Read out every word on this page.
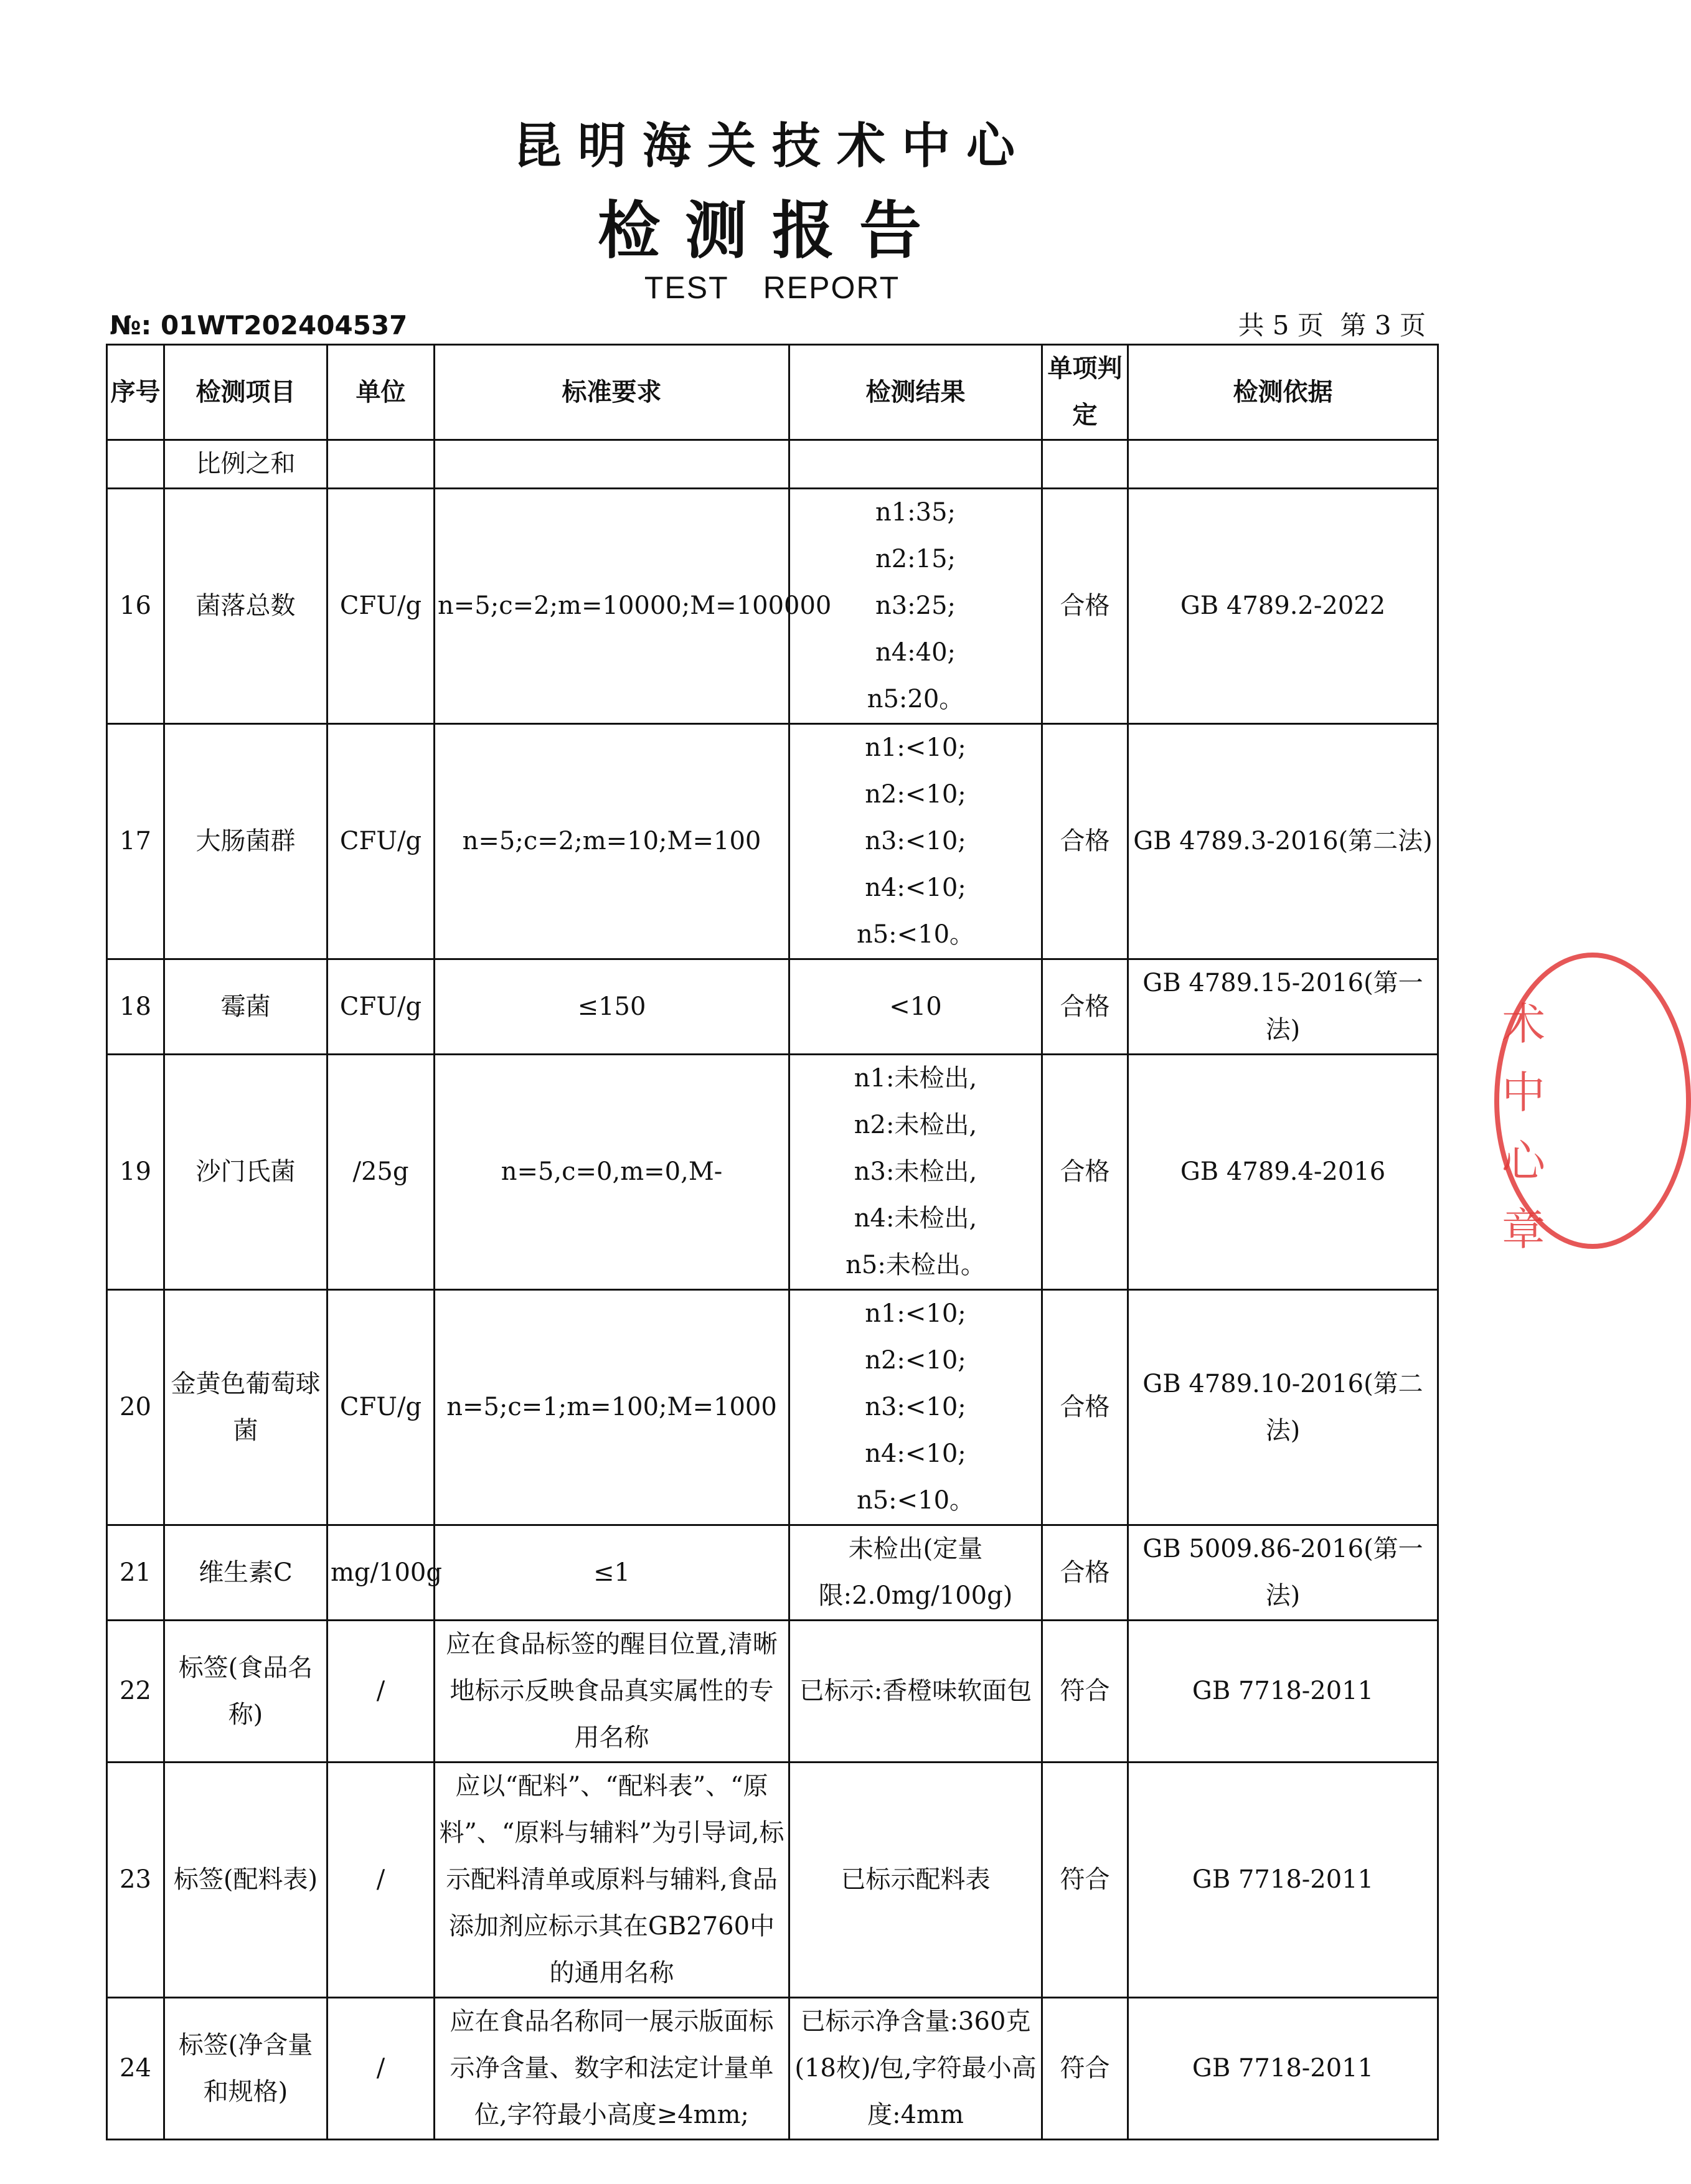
昆明海关技术中心
检测报告
TEST REPORT
№: 01WT202404537	共 5 页  第 3 页
序号	检测项目	单位	标准要求	检测结果	单项判定	检测依据
	比例之和					
16	菌落总数	CFU/g	n=5;c=2;m=10000;M=100000	n1:35;
n2:15;
n3:25;
n4:40;
n5:20。	合格	GB 4789.2-2022
17	大肠菌群	CFU/g	n=5;c=2;m=10;M=100	n1:<10;
n2:<10;
n3:<10;
n4:<10;
n5:<10。	合格	GB 4789.3-2016(第二法)
18	霉菌	CFU/g	≤150	<10	合格	GB 4789.15-2016(第一法)
19	沙门氏菌	/25g	n=5,c=0,m=0,M-	n1:未检出,
n2:未检出,
n3:未检出,
n4:未检出,
n5:未检出。	合格	GB 4789.4-2016
20	金黄色葡萄球菌	CFU/g	n=5;c=1;m=100;M=1000	n1:<10;
n2:<10;
n3:<10;
n4:<10;
n5:<10。	合格	GB 4789.10-2016(第二法)
21	维生素C	mg/100g	≤1	未检出(定量
限:2.0mg/100g)	合格	GB 5009.86-2016(第一法)
22	标签(食品名称)	/	应在食品标签的醒目位置,清晰地标示反映食品真实属性的专用名称	已标示:香橙味软面包	符合	GB 7718-2011
23	标签(配料表)	/	应以“配料”、“配料表”、“原料”、“原料与辅料”为引导词,标示配料清单或原料与辅料,食品添加剂应标示其在GB2760中的通用名称	已标示配料表	符合	GB 7718-2011
24	标签(净含量和规格)	/	应在食品名称同一展示版面标示净含量、数字和法定计量单位,字符最小高度≥4mm;	已标示净含量:360克(18枚)/包,字符最小高度:4mm	符合	GB 7718-2011
术中心章
